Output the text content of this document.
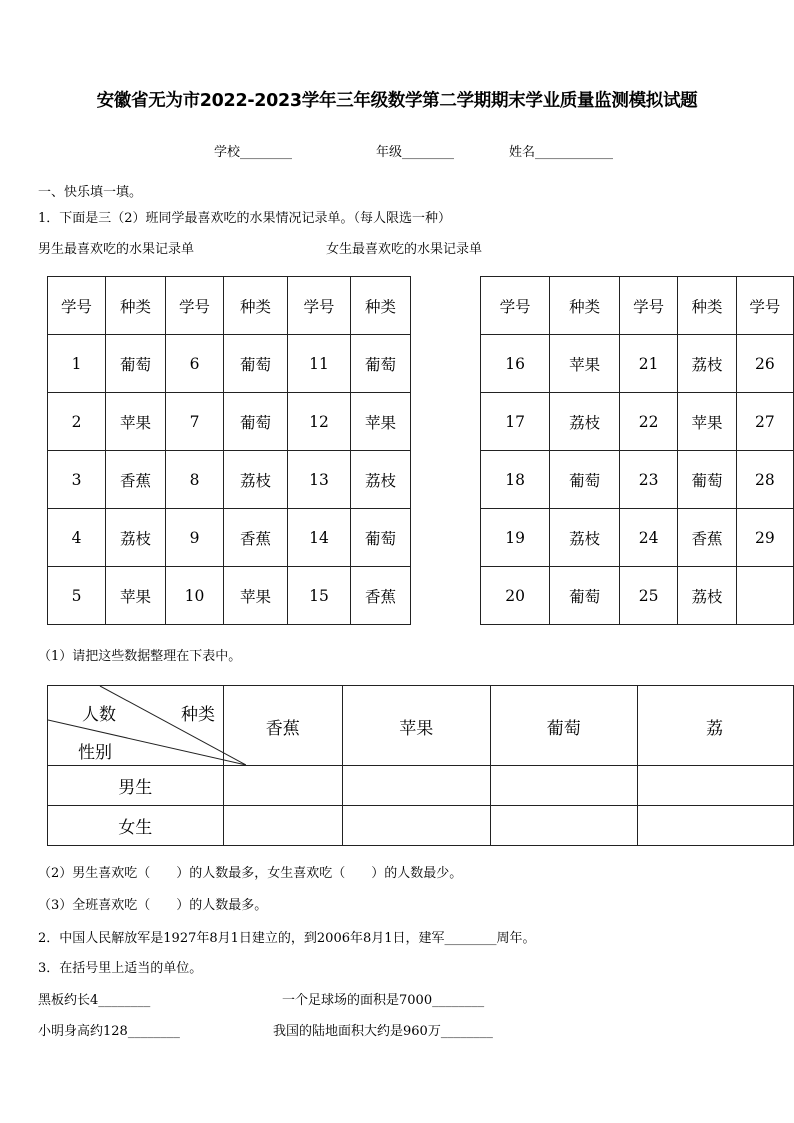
安徽省无为市2022-2023学年三年级数学第二学期期末学业质量监测模拟试题
学校________	年级________	姓名____________
一、快乐填一填。
1．下面是三（2）班同学最喜欢吃的水果情况记录单。（每人限选一种）
男生最喜欢吃的水果记录单	女生最喜欢吃的水果记录单
学号	种类	学号	种类	学号	种类
1	葡萄	6	葡萄	11	葡萄
2	苹果	7	葡萄	12	苹果
3	香蕉	8	荔枝	13	荔枝
4	荔枝	9	香蕉	14	葡萄
5	苹果	10	苹果	15	香蕉
学号	种类	学号	种类	学号
16	苹果	21	荔枝	26
17	荔枝	22	苹果	27
18	葡萄	23	葡萄	28
19	荔枝	24	香蕉	29
20	葡萄	25	荔枝	
（1）请把这些数据整理在下表中。
人数 种类
性别	香蕉	苹果	葡萄	荔
男生				
女生				
（2）男生喜欢吃（　　）的人数最多，女生喜欢吃（　　）的人数最少。
（3）全班喜欢吃（　　）的人数最多。
2．中国人民解放军是1927年8月1日建立的，到2006年8月1日，建军________周年。
3．在括号里上适当的单位。
黑板约长4________	一个足球场的面积是7000________
小明身高约128________	我国的陆地面积大约是960万________
